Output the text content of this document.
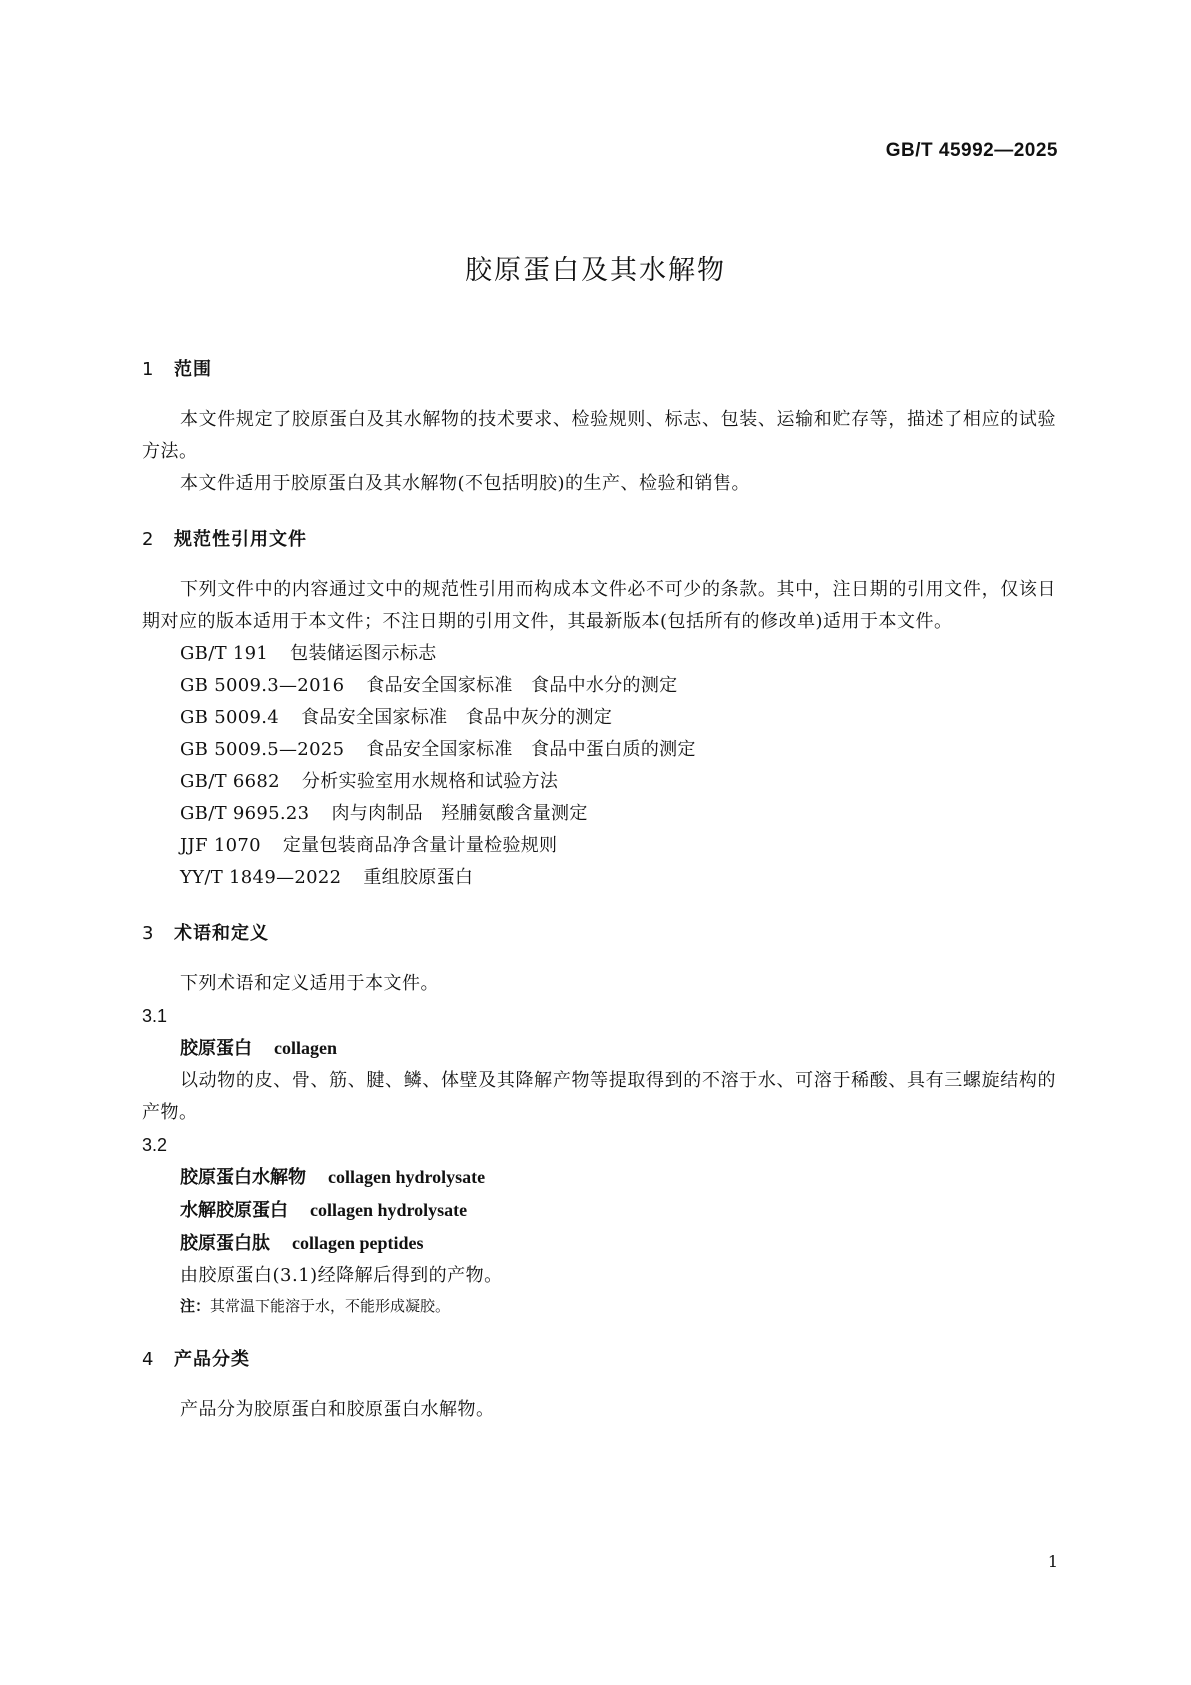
GB/T 45992—2025
胶原蛋白及其水解物
1 范围
本文件规定了胶原蛋白及其水解物的技术要求、检验规则、标志、包装、运输和贮存等，描述了相应的试验方法。
本文件适用于胶原蛋白及其水解物(不包括明胶)的生产、检验和销售。
2 规范性引用文件
下列文件中的内容通过文中的规范性引用而构成本文件必不可少的条款。其中，注日期的引用文件，仅该日期对应的版本适用于本文件；不注日期的引用文件，其最新版本(包括所有的修改单)适用于本文件。
GB/T 191 包装储运图示标志
GB 5009.3—2016 食品安全国家标准　食品中水分的测定
GB 5009.4 食品安全国家标准　食品中灰分的测定
GB 5009.5—2025 食品安全国家标准　食品中蛋白质的测定
GB/T 6682 分析实验室用水规格和试验方法
GB/T 9695.23 肉与肉制品　羟脯氨酸含量测定
JJF 1070 定量包装商品净含量计量检验规则
YY/T 1849—2022 重组胶原蛋白
3 术语和定义
下列术语和定义适用于本文件。
3.1
胶原蛋白 collagen
以动物的皮、骨、筋、腱、鳞、体壁及其降解产物等提取得到的不溶于水、可溶于稀酸、具有三螺旋结构的产物。
3.2
胶原蛋白水解物 collagen hydrolysate
水解胶原蛋白 collagen hydrolysate
胶原蛋白肽 collagen peptides
由胶原蛋白(3.1)经降解后得到的产物。
注：其常温下能溶于水，不能形成凝胶。
4 产品分类
产品分为胶原蛋白和胶原蛋白水解物。
1
